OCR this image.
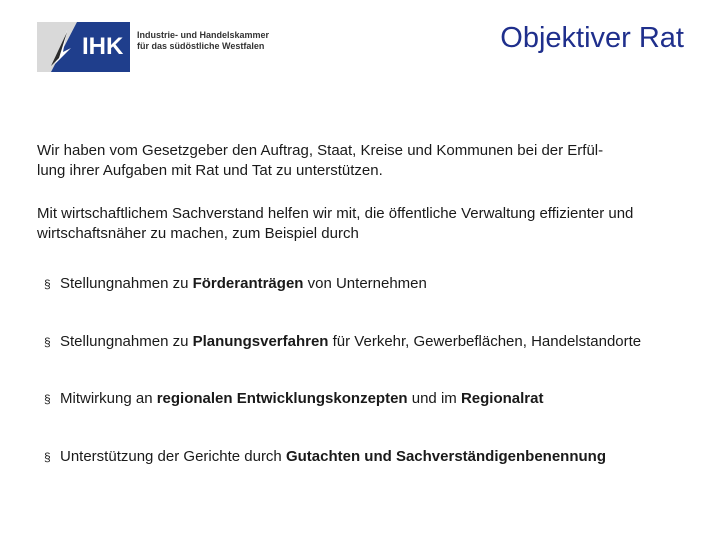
IHK Industrie- und Handelskammer
für das südöstliche Westfalen	Objektiver Rat
Wir haben vom Gesetzgeber den Auftrag, Staat, Kreise und Kommunen bei der Erfül-
lung ihrer Aufgaben mit Rat und Tat zu unterstützen.
Mit wirtschaftlichem Sachverstand helfen wir mit, die öffentliche Verwaltung effizienter und
wirtschaftsnäher zu machen, zum Beispiel durch
§ Stellungnahmen zu Förderanträgen von Unternehmen
§ Stellungnahmen zu Planungsverfahren für Verkehr, Gewerbeflächen, Handelstandorte
§ Mitwirkung an regionalen Entwicklungskonzepten und im Regionalrat
§ Unterstützung der Gerichte durch Gutachten und Sachverständigenbenennung
